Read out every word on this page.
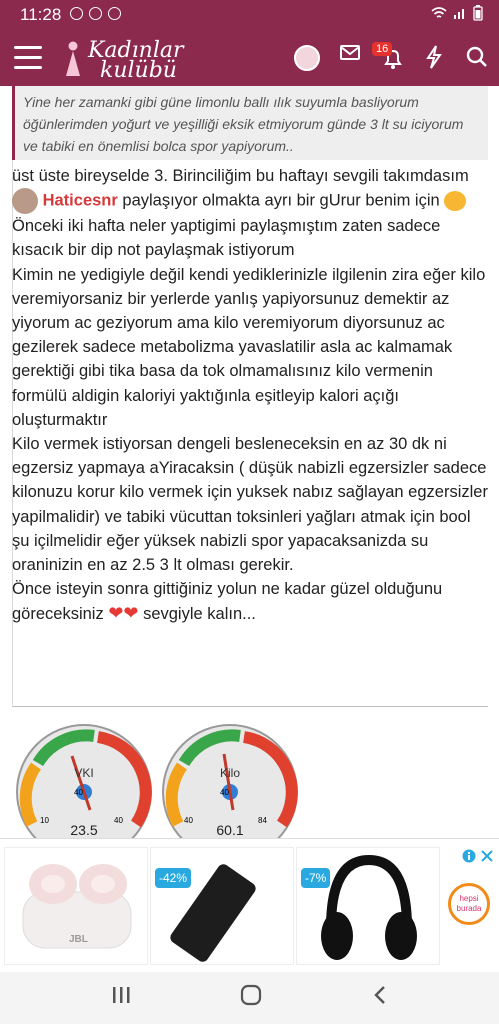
11:28
Kadınlar
kulübü
16
Yine her zamanki gibi güne limonlu ballı ılık suyumla basliyorum öğünlerimden yoğurt ve yeşilliği eksik etmiyorum günde 3 lt su iciyorum ve tabiki en önemlisi bolca spor yapiyorum..

üst üste bireyselde 3. Birinciliğim bu haftayı sevgili takımdasım  Haticesnr paylaşıyor olmakta ayrı bir gUrur benim için

Önceki iki hafta neler yaptigimi paylaşmıştım zaten sadece kısacık bir dip not paylaşmak istiyorum

Kimin ne yedigiyle değil kendi yediklerinizle ilgilenin zira eğer kilo veremiyorsaniz bir yerlerde yanlış yapiyorsunuz demektir az yiyorum ac geziyorum ama kilo veremiyorum diyorsunuz ac gezilerek sadece metabolizma yavaslatilir asla ac kalmamak gerektiği gibi tika basa da tok olmamalısınız kilo vermenin formülü aldigin kaloriyi yaktığınla eşitleyip kalori açığı oluşturmaktır

Kilo vermek istiyorsan dengeli besleneceksin en az 30 dk ni egzersiz yapmaya aYiracaksin ( düşük nabizli egzersizler sadece kilonuzu korur kilo vermek için yuksek nabız sağlayan egzersizler yapilmalidir) ve tabiki vücuttan toksinleri yağları atmak için bool şu içilmelidir eğer yüksek nabizli spor yapacaksanizda su oraninizin en az 2.5 3 lt olması gerekir.

Önce isteyin sonra gittiğiniz yolun ne kadar güzel olduğunu göreceksiniz ❤❤ sevgiyle kalın...

VKI
10
40
40
23.5
Kilo
40
40
84
60.1
JBL
-42%	-7%
hepsi burada
